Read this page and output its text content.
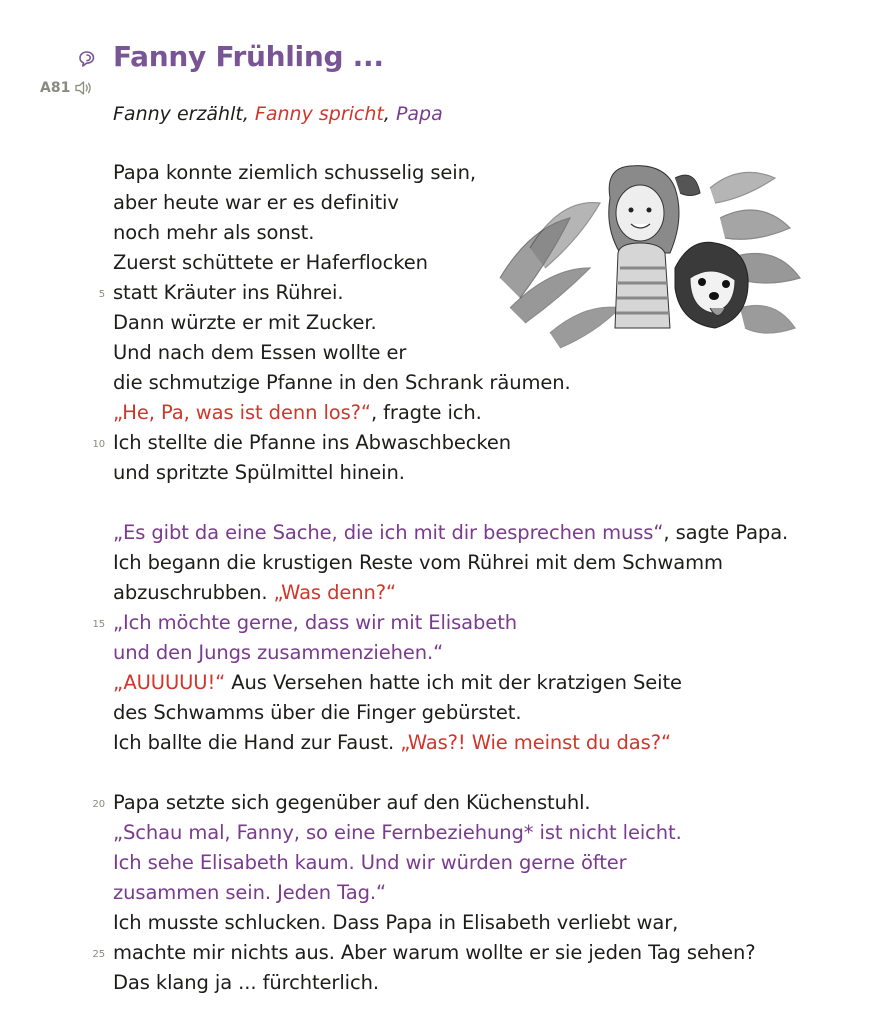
Fanny Frühling ...
A81
Fanny erzählt, Fanny spricht, Papa
Papa konnte ziemlich schusselig sein,
aber heute war er es definitiv
noch mehr als sonst.
Zuerst schüttete er Haferflocken
5 statt Kräuter ins Rührei.
Dann würzte er mit Zucker.
Und nach dem Essen wollte er
die schmutzige Pfanne in den Schrank räumen.
„He, Pa, was ist denn los?“, fragte ich.
10 Ich stellte die Pfanne ins Abwaschbecken
und spritzte Spülmittel hinein.
„Es gibt da eine Sache, die ich mit dir besprechen muss“, sagte Papa.
Ich begann die krustigen Reste vom Rührei mit dem Schwamm
abzuschrubben. „Was denn?“
15 „Ich möchte gerne, dass wir mit Elisabeth
und den Jungs zusammenziehen.“
„AUUUUU!“ Aus Versehen hatte ich mit der kratzigen Seite
des Schwamms über die Finger gebürstet.
Ich ballte die Hand zur Faust. „Was?! Wie meinst du das?“
20 Papa setzte sich gegenüber auf den Küchenstuhl.
„Schau mal, Fanny, so eine Fernbeziehung* ist nicht leicht.
Ich sehe Elisabeth kaum. Und wir würden gerne öfter
zusammen sein. Jeden Tag.“
Ich musste schlucken. Dass Papa in Elisabeth verliebt war,
25 machte mir nichts aus. Aber warum wollte er sie jeden Tag sehen?
Das klang ja ... fürchterlich.
